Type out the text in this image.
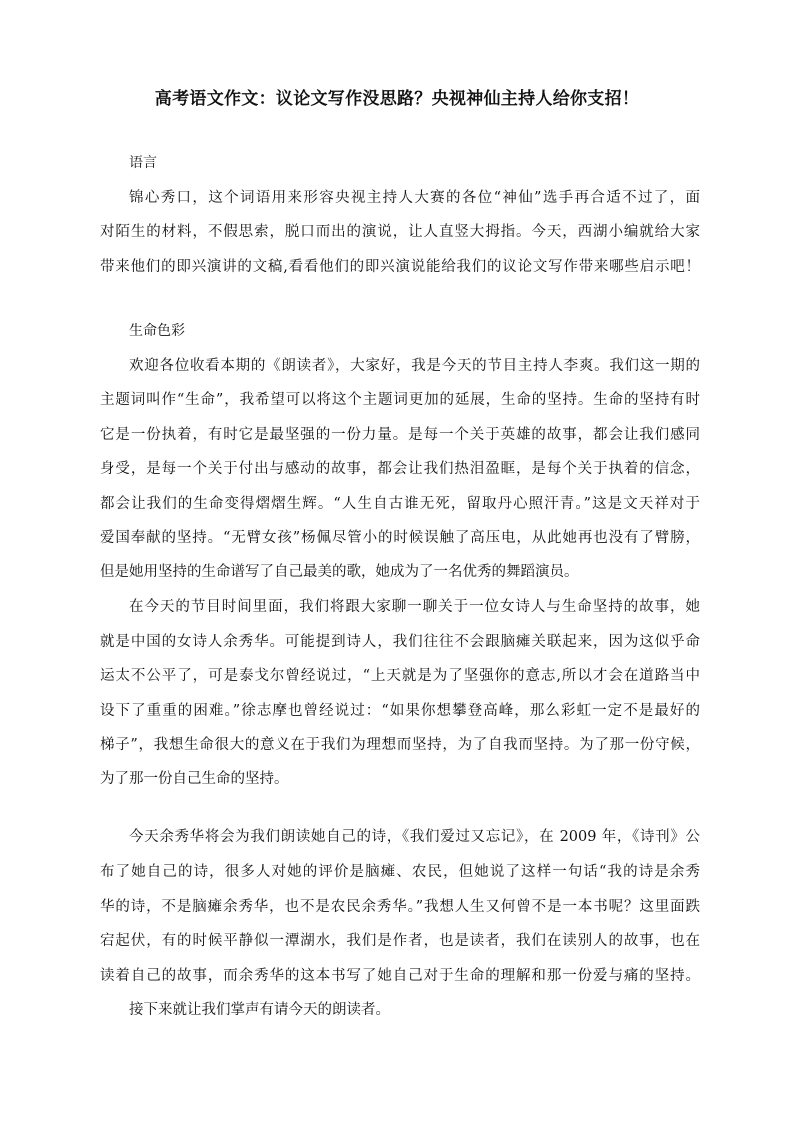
高考语文作文：议论文写作没思路？央视神仙主持人给你支招！
语言
锦心秀口，这个词语用来形容央视主持人大赛的各位“神仙”选手再合适不过了，面
对陌生的材料，不假思索，脱口而出的演说，让人直竖大拇指。今天，西湖小编就给大家
带来他们的即兴演讲的文稿,看看他们的即兴演说能给我们的议论文写作带来哪些启示吧！
生命色彩
欢迎各位收看本期的《朗读者》，大家好，我是今天的节目主持人李爽。我们这一期的
主题词叫作“生命”，我希望可以将这个主题词更加的延展，生命的坚持。生命的坚持有时
它是一份执着，有时它是最坚强的一份力量。是每一个关于英雄的故事，都会让我们感同
身受，是每一个关于付出与感动的故事，都会让我们热泪盈眶，是每个关于执着的信念，
都会让我们的生命变得熠熠生辉。“人生自古谁无死，留取丹心照汗青。”这是文天祥对于
爱国奉献的坚持。“无臂女孩”杨佩尽管小的时候误触了高压电，从此她再也没有了臂膀，
但是她用坚持的生命谱写了自己最美的歌，她成为了一名优秀的舞蹈演员。
在今天的节目时间里面，我们将跟大家聊一聊关于一位女诗人与生命坚持的故事，她
就是中国的女诗人余秀华。可能提到诗人，我们往往不会跟脑瘫关联起来，因为这似乎命
运太不公平了，可是泰戈尔曾经说过，“上天就是为了坚强你的意志,所以才会在道路当中
设下了重重的困难。”徐志摩也曾经说过：“如果你想攀登高峰，那么彩虹一定不是最好的
梯子”，我想生命很大的意义在于我们为理想而坚持，为了自我而坚持。为了那一份守候，
为了那一份自己生命的坚持。
今天余秀华将会为我们朗读她自己的诗，《我们爱过又忘记》，在 2009 年，《诗刊》公
布了她自己的诗，很多人对她的评价是脑瘫、农民，但她说了这样一句话“我的诗是余秀
华的诗，不是脑瘫余秀华，也不是农民余秀华。”我想人生又何曾不是一本书呢？这里面跌
宕起伏，有的时候平静似一潭湖水，我们是作者，也是读者，我们在读别人的故事，也在
读着自己的故事，而余秀华的这本书写了她自己对于生命的理解和那一份爱与痛的坚持。
接下来就让我们掌声有请今天的朗读者。
